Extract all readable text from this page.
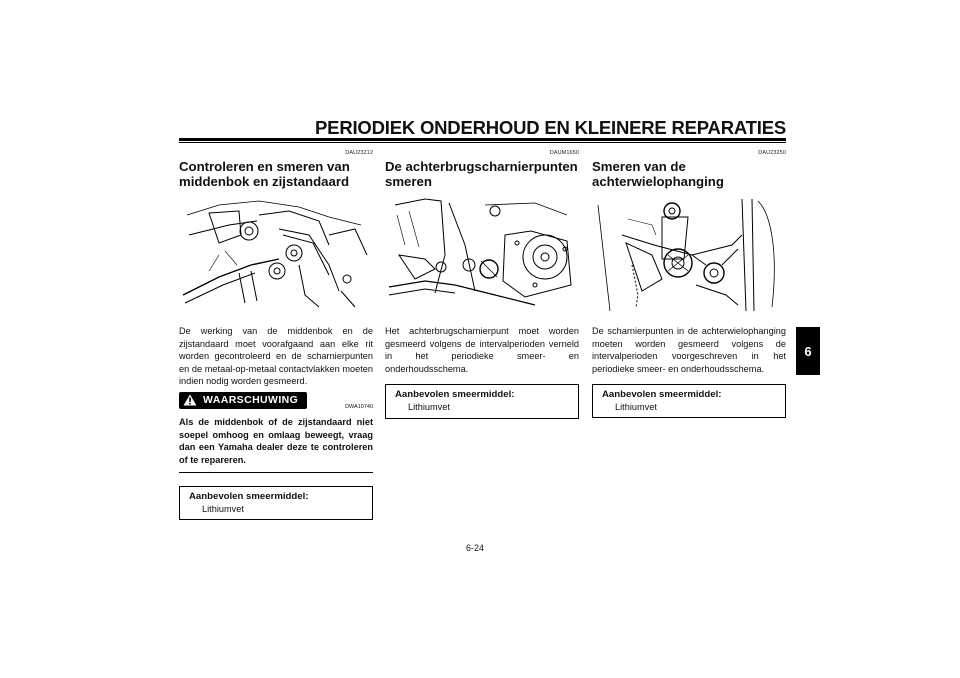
PERIODIEK ONDERHOUD EN KLEINERE REPARATIES
6
DAU23212
Controleren en smeren van middenbok en zijstandaard
De werking van de middenbok en de zijstandaard moet voorafgaand aan elke rit worden gecontroleerd en de scharnierpunten en de metaal-op-metaal contactvlakken moeten indien nodig worden gesmeerd.
WAARSCHUWING
DWA10740
Als de middenbok of de zijstandaard niet soepel omhoog en omlaag beweegt, vraag dan een Yamaha dealer deze te controleren of te repareren.
Aanbevolen smeermiddel:
Lithiumvet
DAUM1650
De achterbrugscharnierpunten smeren
Het achterbrugscharnierpunt moet worden gesmeerd volgens de intervalperioden verneld in het periodieke smeer- en onderhoudsschema.
Aanbevolen smeermiddel:
Lithiumvet
DAU23250
Smeren van de achterwielophanging
De scharnierpunten in de achterwielophanging moeten worden gesmeerd volgens de intervalperioden voorgeschreven in het periodieke smeer- en onderhoudsschema.
Aanbevolen smeermiddel:
Lithiumvet
6-24
